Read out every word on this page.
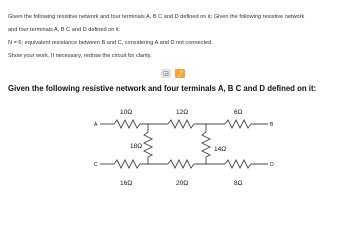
Given the following resistive network and four terminals A, B C and D defined on it: Given the following resistive network
and four terminals A, B C and D defined on it:
N = 6; equivalent resistance between B and C, considering A and D not connected.
Show your work. If necessary, redraw the circuit for clarity.
◲	⤴
Given the following resistive network and four terminals A, B C and D defined on it:
10Ω	12Ω	6Ω
18Ω	14Ω
16Ω	20Ω	8Ω
A	B
C	D
